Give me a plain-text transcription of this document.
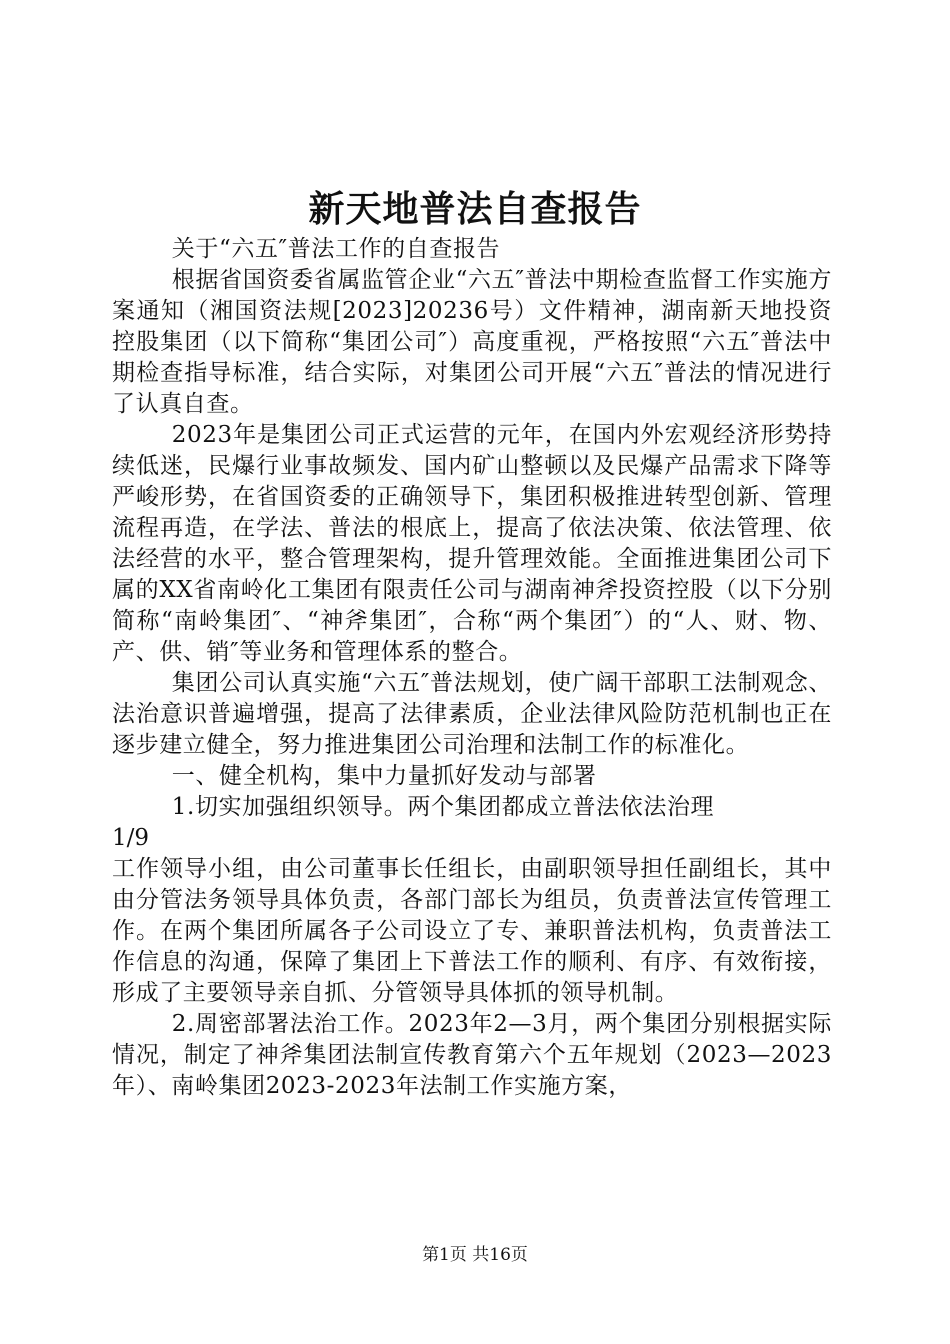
新天地普法自查报告

关于“六五″普法工作的自查报告

根据省国资委省属监管企业“六五″普法中期检查监督工作实施方案通知（湘国资法规[2023]20236号）文件精神，湖南新天地投资控股集团（以下简称“集团公司″）高度重视，严格按照“六五″普法中期检查指导标准，结合实际，对集团公司开展“六五″普法的情况进行了认真自查。

2023年是集团公司正式运营的元年，在国内外宏观经济形势持续低迷，民爆行业事故频发、国内矿山整顿以及民爆产品需求下降等严峻形势，在省国资委的正确领导下，集团积极推进转型创新、管理流程再造，在学法、普法的根底上，提高了依法决策、依法管理、依法经营的水平，整合管理架构，提升管理效能。全面推进集团公司下属的XX省南岭化工集团有限责任公司与湖南神斧投资控股（以下分别简称“南岭集团″、“神斧集团″，合称“两个集团″）的“人、财、物、产、供、销″等业务和管理体系的整合。

集团公司认真实施“六五″普法规划，使广阔干部职工法制观念、法治意识普遍增强，提高了法律素质，企业法律风险防范机制也正在逐步建立健全，努力推进集团公司治理和法制工作的标准化。

一、健全机构，集中力量抓好发动与部署

1.切实加强组织领导。两个集团都成立普法依法治理

1/9

工作领导小组，由公司董事长任组长，由副职领导担任副组长，其中由分管法务领导具体负责，各部门部长为组员，负责普法宣传管理工作。在两个集团所属各子公司设立了专、兼职普法机构，负责普法工作信息的沟通，保障了集团上下普法工作的顺利、有序、有效衔接，形成了主要领导亲自抓、分管领导具体抓的领导机制。

2.周密部署法治工作。2023年2—3月，两个集团分别根据实际情况，制定了神斧集团法制宣传教育第六个五年规划（2023—2023年）、南岭集团2023-2023年法制工作实施方案，

第1页 共16页
